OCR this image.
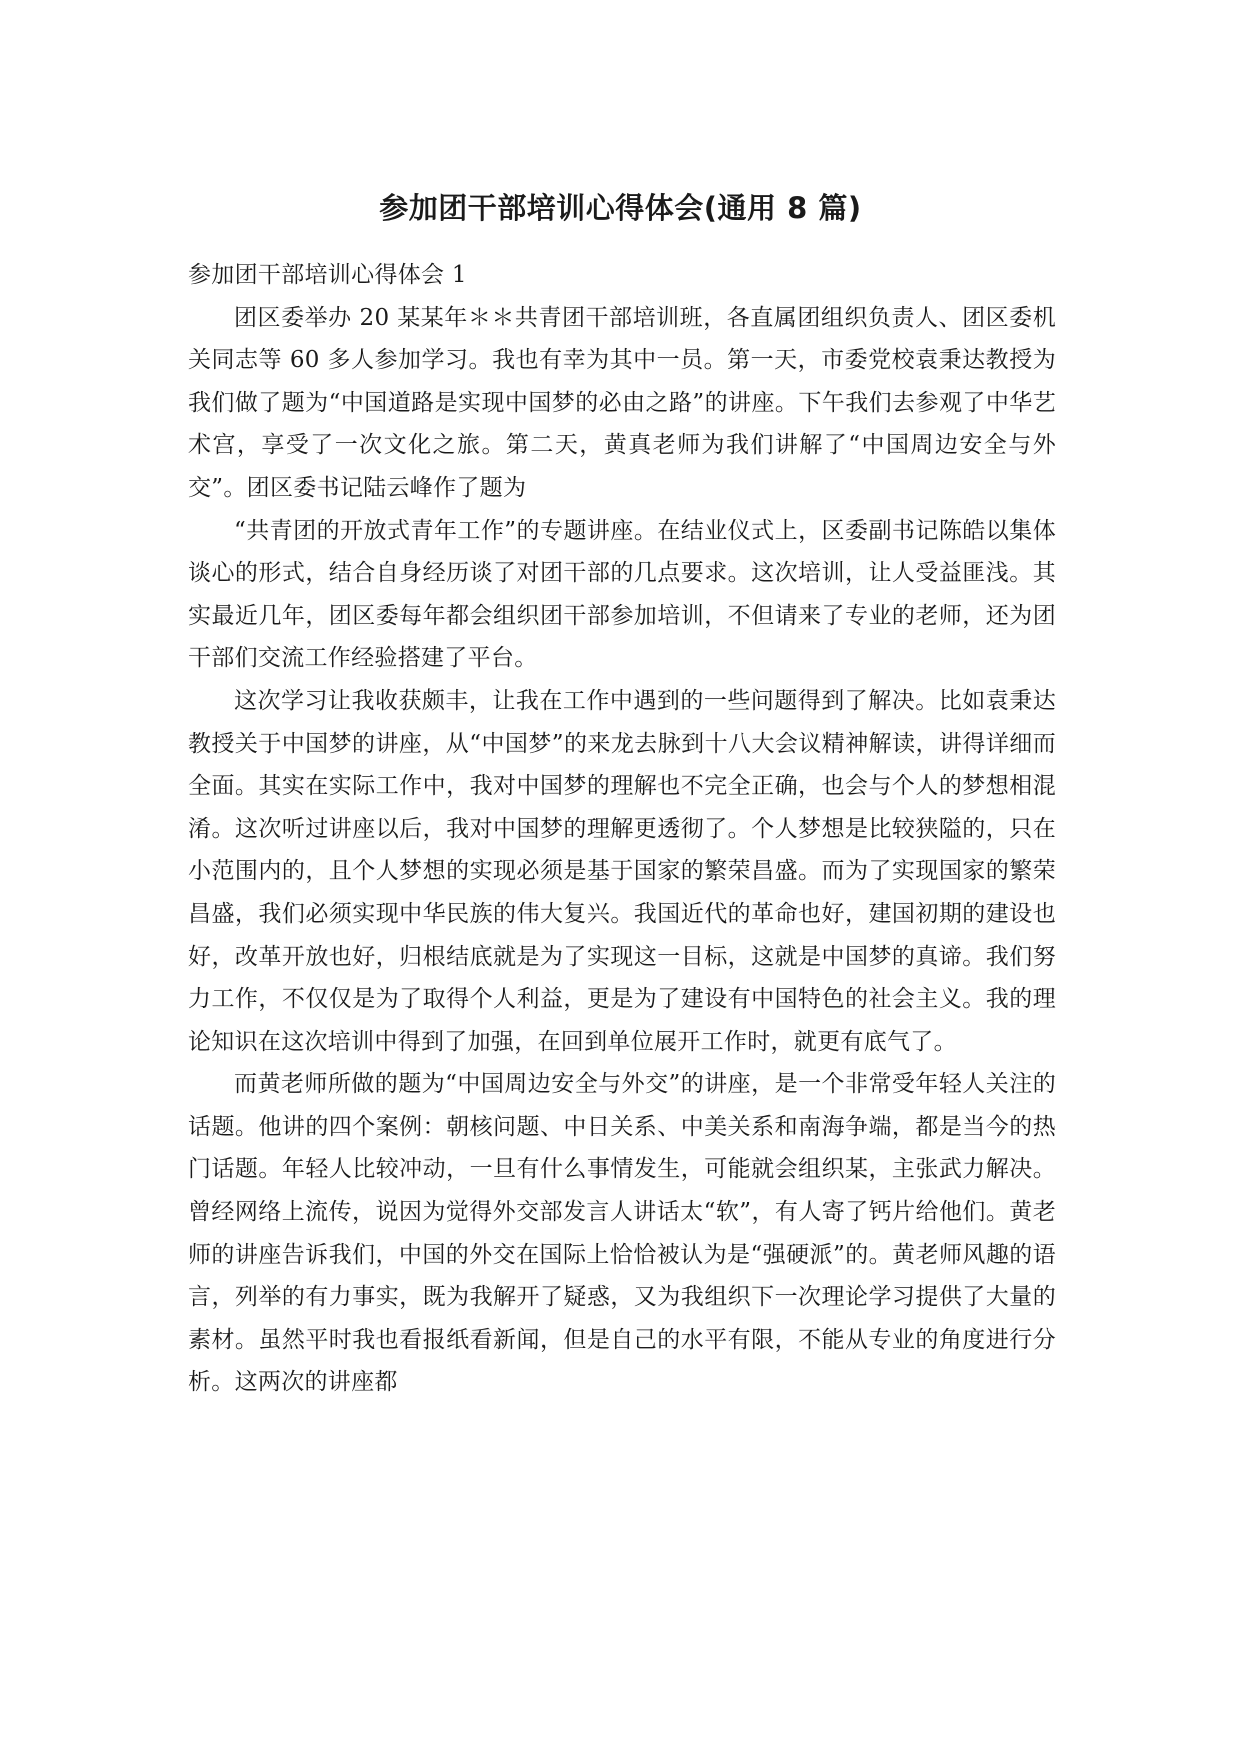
参加团干部培训心得体会(通用 8 篇)
参加团干部培训心得体会 1

团区委举办 20 某某年＊＊共青团干部培训班，各直属团组织负责人、团区委机关同志等 60 多人参加学习。我也有幸为其中一员。第一天，市委党校袁秉达教授为我们做了题为“中国道路是实现中国梦的必由之路”的讲座。下午我们去参观了中华艺术宫，享受了一次文化之旅。第二天，黄真老师为我们讲解了“中国周边安全与外交”。团区委书记陆云峰作了题为

“共青团的开放式青年工作”的专题讲座。在结业仪式上，区委副书记陈皓以集体谈心的形式，结合自身经历谈了对团干部的几点要求。这次培训，让人受益匪浅。其实最近几年，团区委每年都会组织团干部参加培训，不但请来了专业的老师，还为团干部们交流工作经验搭建了平台。

这次学习让我收获颇丰，让我在工作中遇到的一些问题得到了解决。比如袁秉达教授关于中国梦的讲座，从“中国梦”的来龙去脉到十八大会议精神解读，讲得详细而全面。其实在实际工作中，我对中国梦的理解也不完全正确，也会与个人的梦想相混淆。这次听过讲座以后，我对中国梦的理解更透彻了。个人梦想是比较狭隘的，只在小范围内的，且个人梦想的实现必须是基于国家的繁荣昌盛。而为了实现国家的繁荣昌盛，我们必须实现中华民族的伟大复兴。我国近代的革命也好，建国初期的建设也好，改革开放也好，归根结底就是为了实现这一目标，这就是中国梦的真谛。我们努力工作，不仅仅是为了取得个人利益，更是为了建设有中国特色的社会主义。我的理论知识在这次培训中得到了加强，在回到单位展开工作时，就更有底气了。

而黄老师所做的题为“中国周边安全与外交”的讲座，是一个非常受年轻人关注的话题。他讲的四个案例：朝核问题、中日关系、中美关系和南海争端，都是当今的热门话题。年轻人比较冲动，一旦有什么事情发生，可能就会组织某，主张武力解决。曾经网络上流传，说因为觉得外交部发言人讲话太“软”，有人寄了钙片给他们。黄老师的讲座告诉我们，中国的外交在国际上恰恰被认为是“强硬派”的。黄老师风趣的语言，列举的有力事实，既为我解开了疑惑，又为我组织下一次理论学习提供了大量的素材。虽然平时我也看报纸看新闻，但是自己的水平有限，不能从专业的角度进行分析。这两次的讲座都
